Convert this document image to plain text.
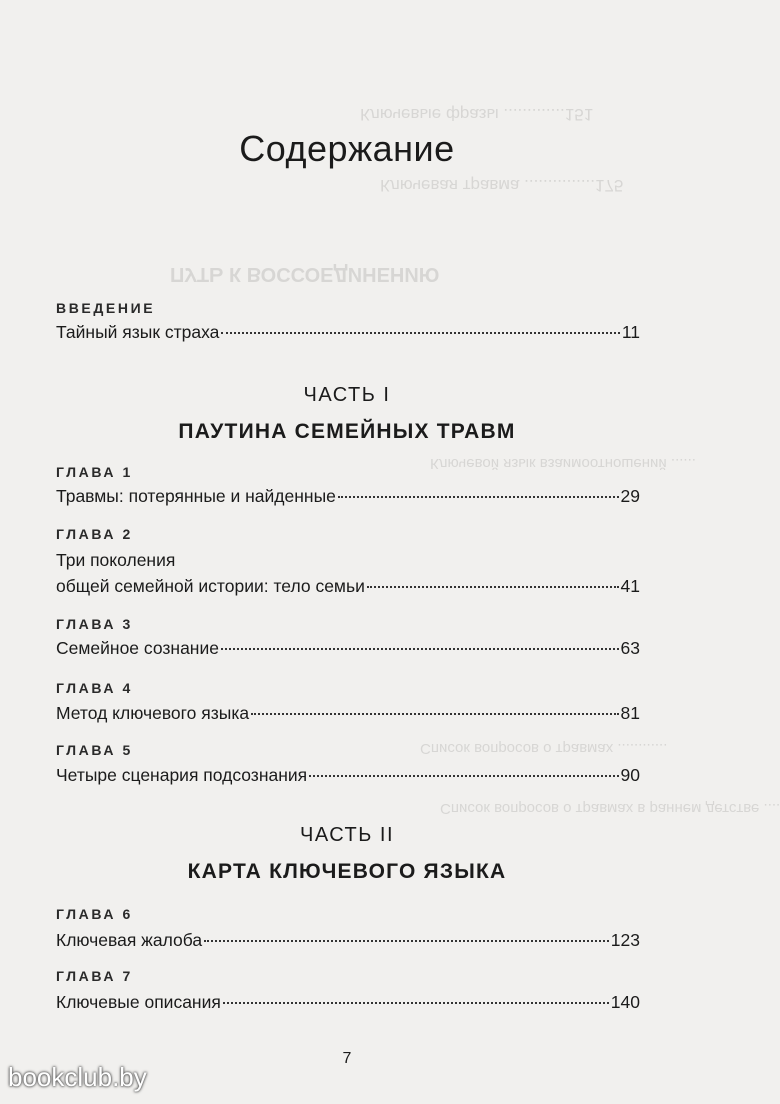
Ключевые фразы .............151
Ключевая травма ...............175
ПУТЬ К ВОССОЕДИНЕНИЮ
Ключевой язык взаимоотношений ......
Список вопросов о травмах ............
Список вопросов о травмах в раннем детстве ....
Содержание
ВВЕДЕНИЕ
Тайный язык страха	11
ЧАСТЬ I
ПАУТИНА СЕМЕЙНЫХ ТРАВМ
ГЛАВА 1
Травмы: потерянные и найденные	29
ГЛАВА 2
Три поколения
общей семейной истории: тело семьи	41
ГЛАВА 3
Семейное сознание	63
ГЛАВА 4
Метод ключевого языка	81
ГЛАВА 5
Четыре сценария подсознания	90
ЧАСТЬ II
КАРТА КЛЮЧЕВОГО ЯЗЫКА
ГЛАВА 6
Ключевая жалоба	123
ГЛАВА 7
Ключевые описания	140
7
bookclub.by
